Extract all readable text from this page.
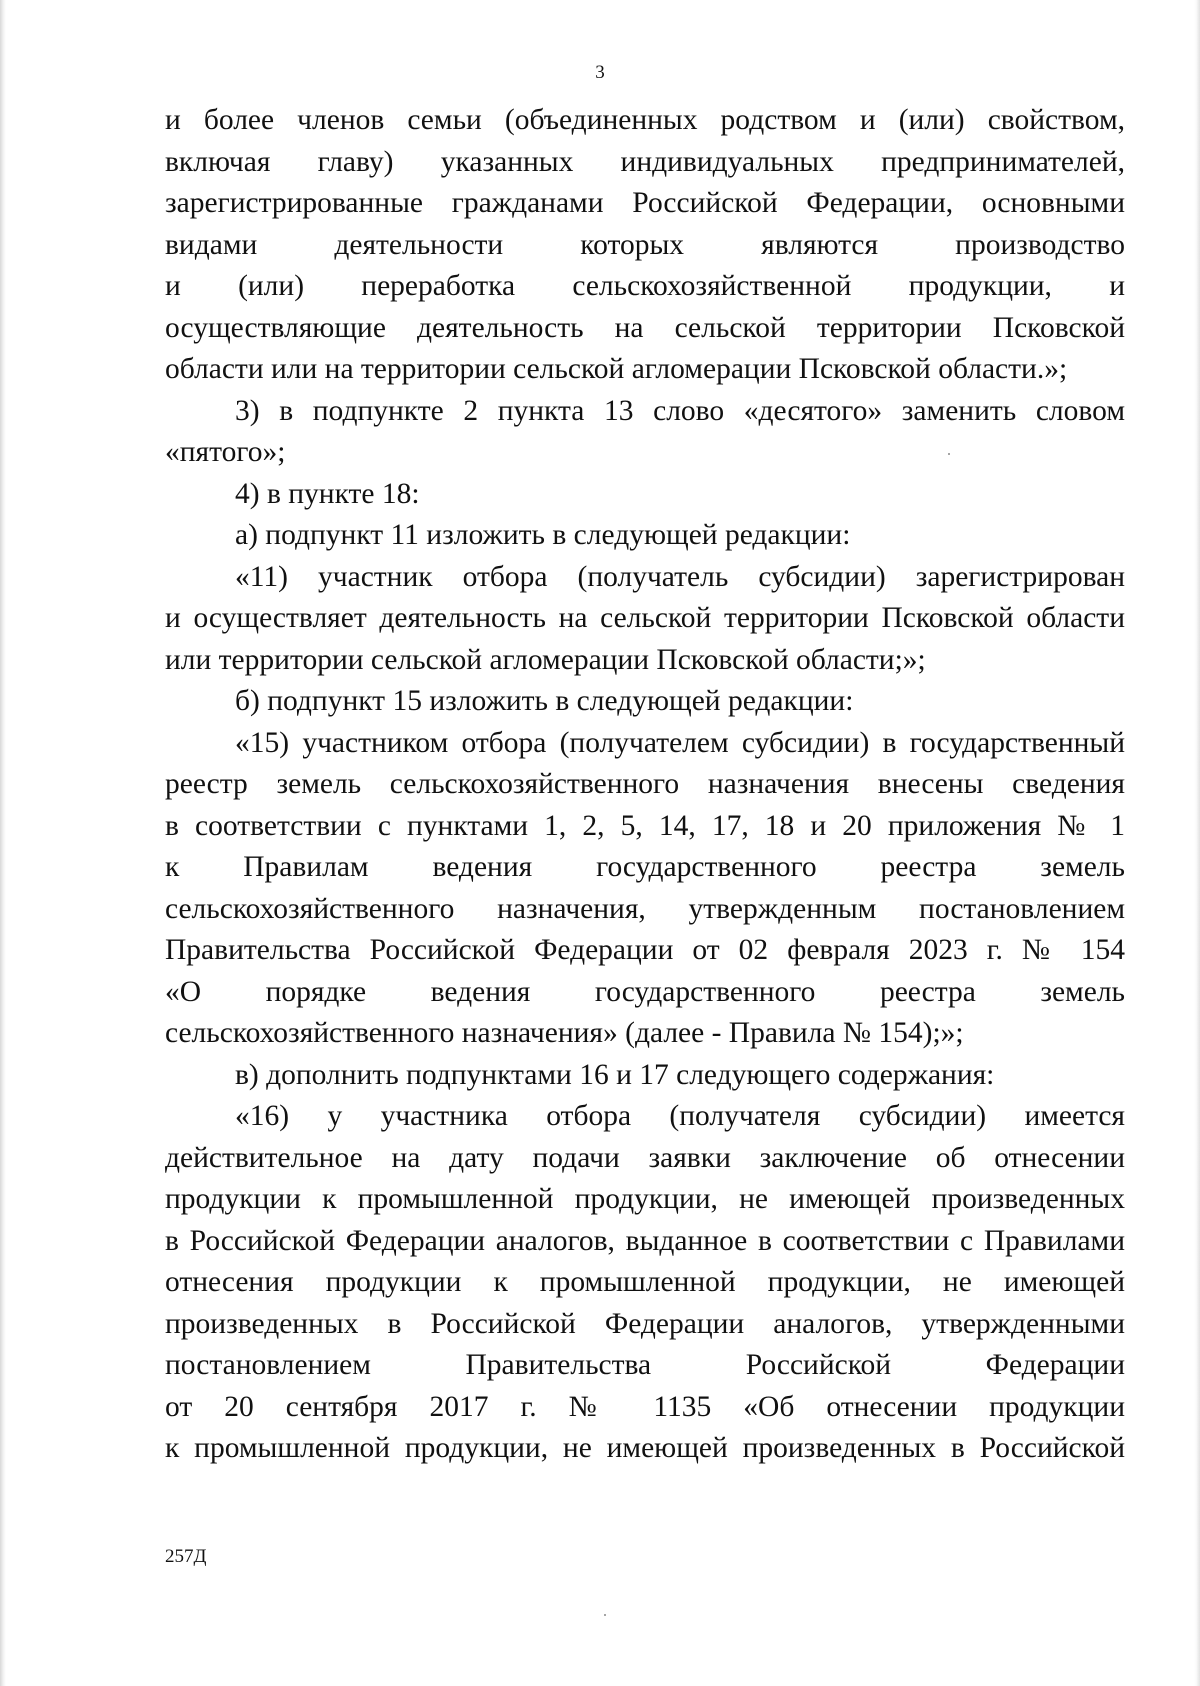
3
и более членов семьи (объединенных родством и (или) свойством,
включая главу) указанных индивидуальных предпринимателей,
зарегистрированные гражданами Российской Федерации, основными
видами деятельности которых являются производство
и (или) переработка сельскохозяйственной продукции, и
осуществляющие деятельность на сельской территории Псковской
области или на территории сельской агломерации Псковской области.»;
3) в подпункте 2 пункта 13 слово «десятого» заменить словом
«пятого»;
4) в пункте 18:
а) подпункт 11 изложить в следующей редакции:
«11) участник отбора (получатель субсидии) зарегистрирован
и осуществляет деятельность на сельской территории Псковской области
или территории сельской агломерации Псковской области;»;
б) подпункт 15 изложить в следующей редакции:
«15) участником отбора (получателем субсидии) в государственный
реестр земель сельскохозяйственного назначения внесены сведения
в соответствии с пунктами 1, 2, 5, 14, 17, 18 и 20 приложения № 1
к Правилам ведения государственного реестра земель
сельскохозяйственного назначения, утвержденным постановлением
Правительства Российской Федерации от 02 февраля 2023 г. № 154
«О порядке ведения государственного реестра земель
сельскохозяйственного назначения» (далее - Правила № 154);»;
в) дополнить подпунктами 16 и 17 следующего содержания:
«16) у участника отбора (получателя субсидии) имеется
действительное на дату подачи заявки заключение об отнесении
продукции к промышленной продукции, не имеющей произведенных
в Российской Федерации аналогов, выданное в соответствии с Правилами
отнесения продукции к промышленной продукции, не имеющей
произведенных в Российской Федерации аналогов, утвержденными
постановлением Правительства Российской Федерации
от 20 сентября 2017 г. № 1135 «Об отнесении продукции
к промышленной продукции, не имеющей произведенных в Российской
257Д
